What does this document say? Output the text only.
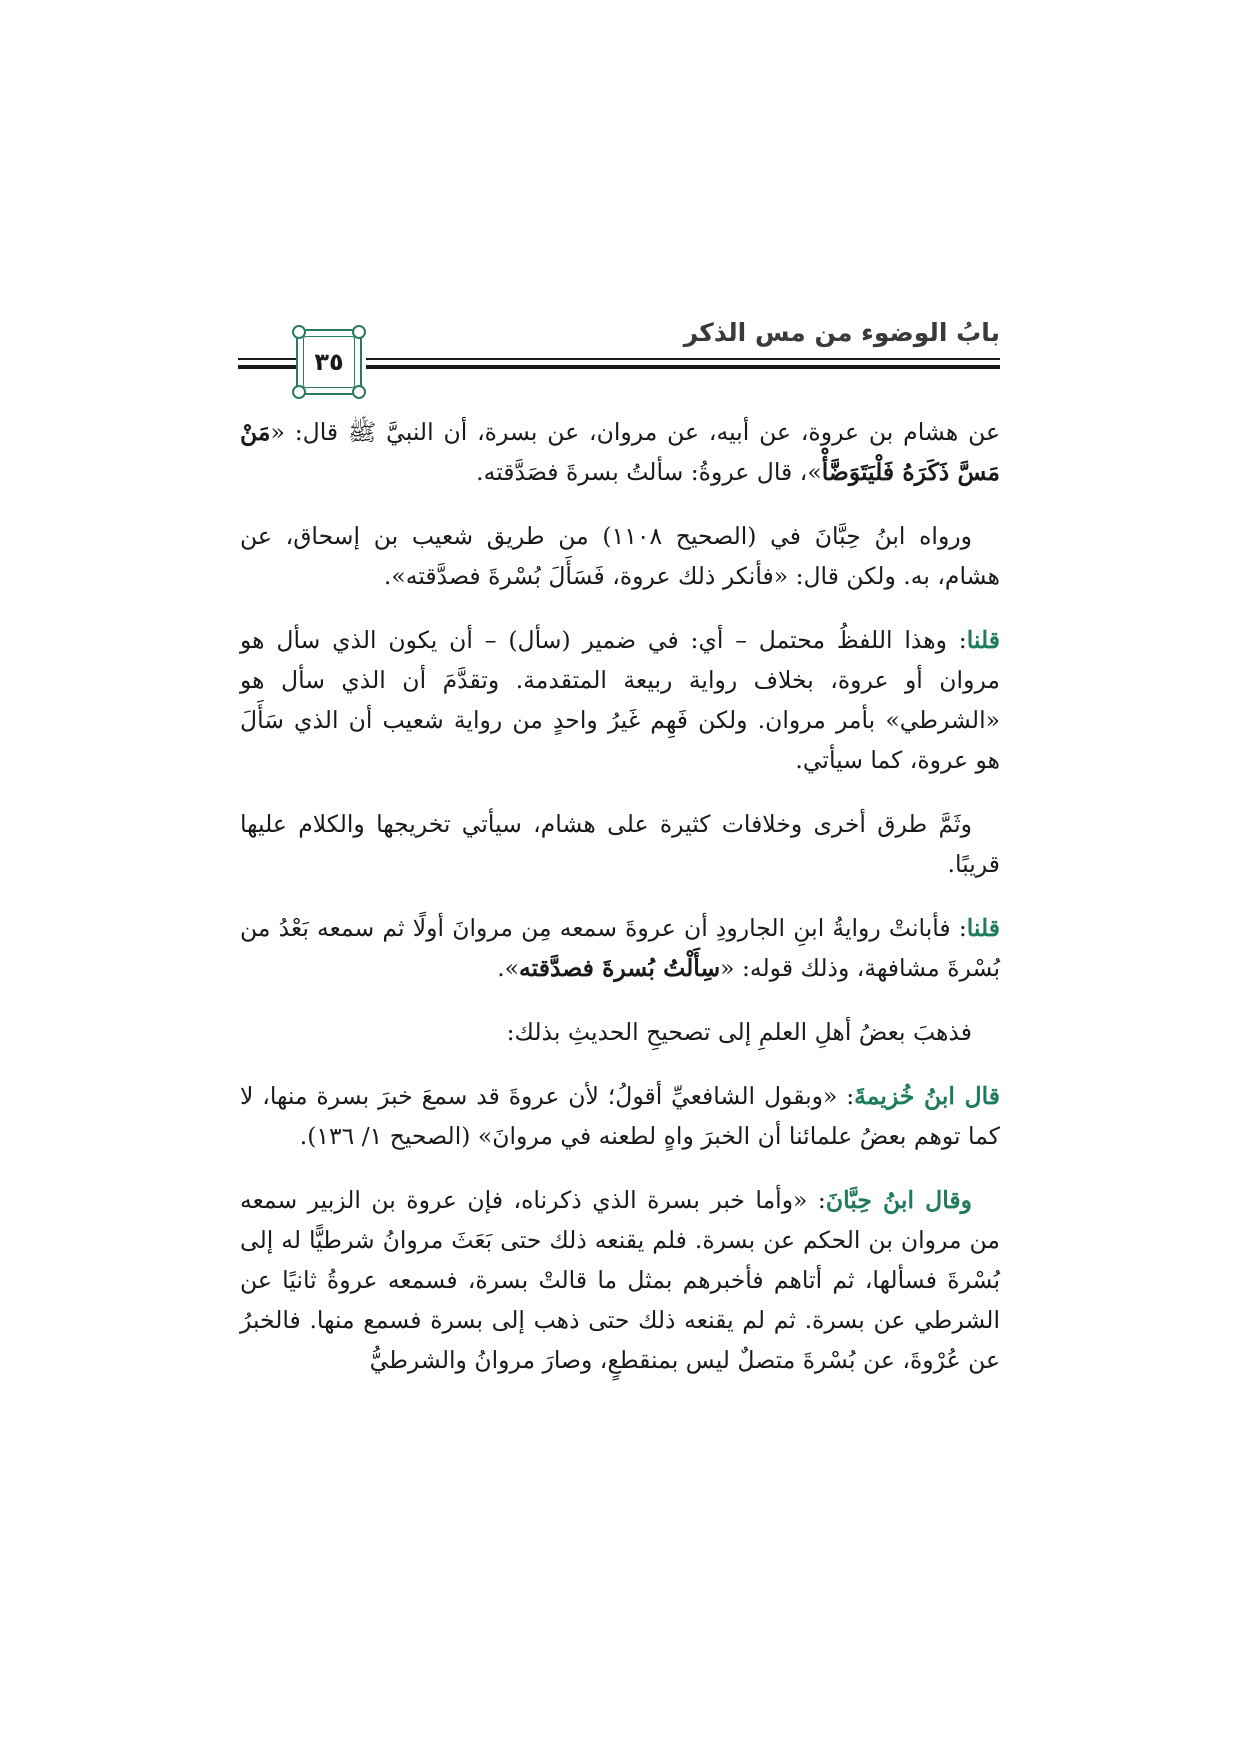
بابُ الوضوء من مس الذكر
٣٥

عن هشام بن عروة، عن أبيه، عن مروان، عن بسرة، أن النبيَّ ﷺ قال: «مَنْ مَسَّ ذَكَرَهُ فَلْيَتَوَضَّأْ»، قال عروةُ: سألتُ بسرةَ فصَدَّقته.

ورواه ابنُ حِبَّانَ في (الصحيح ١١٠٨) من طريق شعيب بن إسحاق، عن هشام، به. ولكن قال: «فأنكر ذلك عروة، فَسَأَلَ بُسْرةَ فصدَّقته».

قلنا: وهذا اللفظُ محتمل – أي: في ضمير (سأل) – أن يكون الذي سأل هو مروان أو عروة، بخلاف رواية ربيعة المتقدمة. وتقدَّمَ أن الذي سأل هو «الشرطي» بأمر مروان. ولكن فَهِم غَيرُ واحدٍ من رواية شعيب أن الذي سَأَلَ هو عروة، كما سيأتي.

وثَمَّ طرق أخرى وخلافات كثيرة على هشام، سيأتي تخريجها والكلام عليها قريبًا.

قلنا: فأبانتْ روايةُ ابنِ الجارودِ أن عروةَ سمعه مِن مروانَ أولًا ثم سمعه بَعْدُ من بُسْرةَ مشافهة، وذلك قوله: «سِأَلْتُ بُسرةَ فصدَّقته».

فذهبَ بعضُ أهلِ العلمِ إلى تصحيحِ الحديثِ بذلك:

قال ابنُ خُزيمةَ: «وبقول الشافعيِّ أقولُ؛ لأن عروةَ قد سمعَ خبرَ بسرة منها، لا كما توهم بعضُ علمائنا أن الخبرَ واهٍ لطعنه في مروانَ» (الصحيح ١/ ١٣٦).

وقال ابنُ حِبَّانَ: «وأما خبر بسرة الذي ذكرناه، فإن عروة بن الزبير سمعه من مروان بن الحكم عن بسرة. فلم يقنعه ذلك حتى بَعَثَ مروانُ شرطيًّا له إلى بُسْرةَ فسألها، ثم أتاهم فأخبرهم بمثل ما قالتْ بسرة، فسمعه عروةُ ثانيًا عن الشرطي عن بسرة. ثم لم يقنعه ذلك حتى ذهب إلى بسرة فسمع منها. فالخبرُ عن عُرْوةَ، عن بُسْرةَ متصلٌ ليس بمنقطعٍ، وصارَ مروانُ والشرطيُّ
